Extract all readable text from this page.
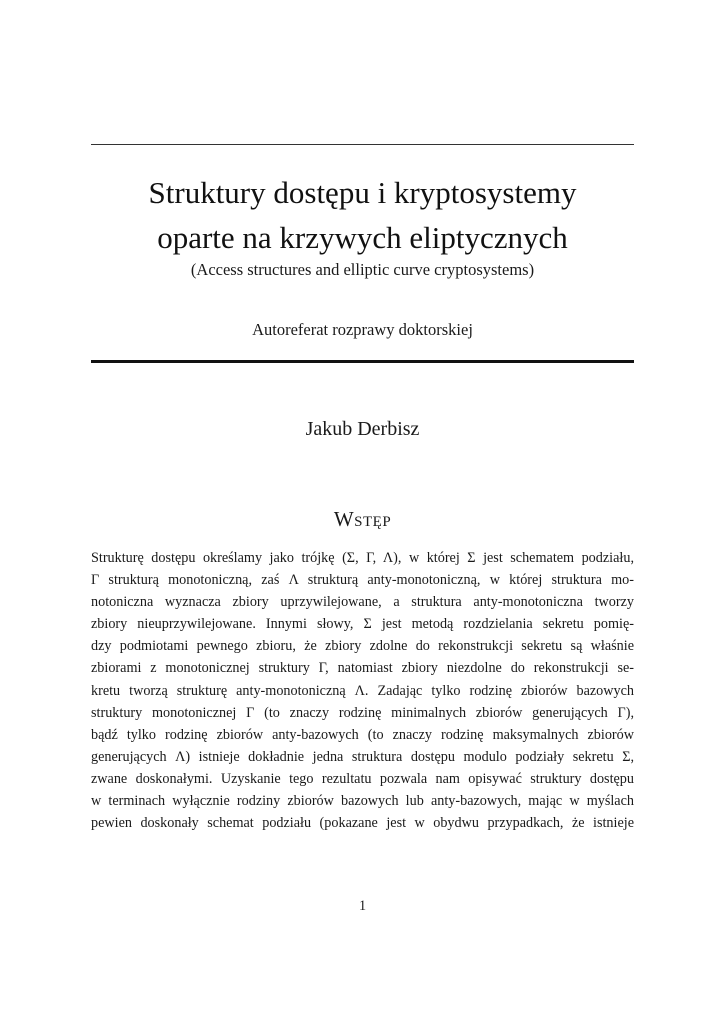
Struktury dostępu i kryptosystemy
oparte na krzywych eliptycznych
(Access structures and elliptic curve cryptosystems)
Autoreferat rozprawy doktorskiej
Jakub Derbisz
Wstęp
Strukturę dostępu określamy jako trójkę (Σ, Γ, Λ), w której Σ jest schematem podziału,
Γ strukturą monotoniczną, zaś Λ strukturą anty-monotoniczną, w której struktura mo-
notoniczna wyznacza zbiory uprzywilejowane, a struktura anty-monotoniczna tworzy
zbiory nieuprzywilejowane. Innymi słowy, Σ jest metodą rozdzielania sekretu pomię-
dzy podmiotami pewnego zbioru, że zbiory zdolne do rekonstrukcji sekretu są właśnie
zbiorami z monotonicznej struktury Γ, natomiast zbiory niezdolne do rekonstrukcji se-
kretu tworzą strukturę anty-monotoniczną Λ. Zadając tylko rodzinę zbiorów bazowych
struktury monotonicznej Γ (to znaczy rodzinę minimalnych zbiorów generujących Γ),
bądź tylko rodzinę zbiorów anty-bazowych (to znaczy rodzinę maksymalnych zbiorów
generujących Λ) istnieje dokładnie jedna struktura dostępu modulo podziały sekretu Σ,
zwane doskonałymi. Uzyskanie tego rezultatu pozwala nam opisywać struktury dostępu
w terminach wyłącznie rodziny zbiorów bazowych lub anty-bazowych, mając w myślach
pewien doskonały schemat podziału (pokazane jest w obydwu przypadkach, że istnieje
1
